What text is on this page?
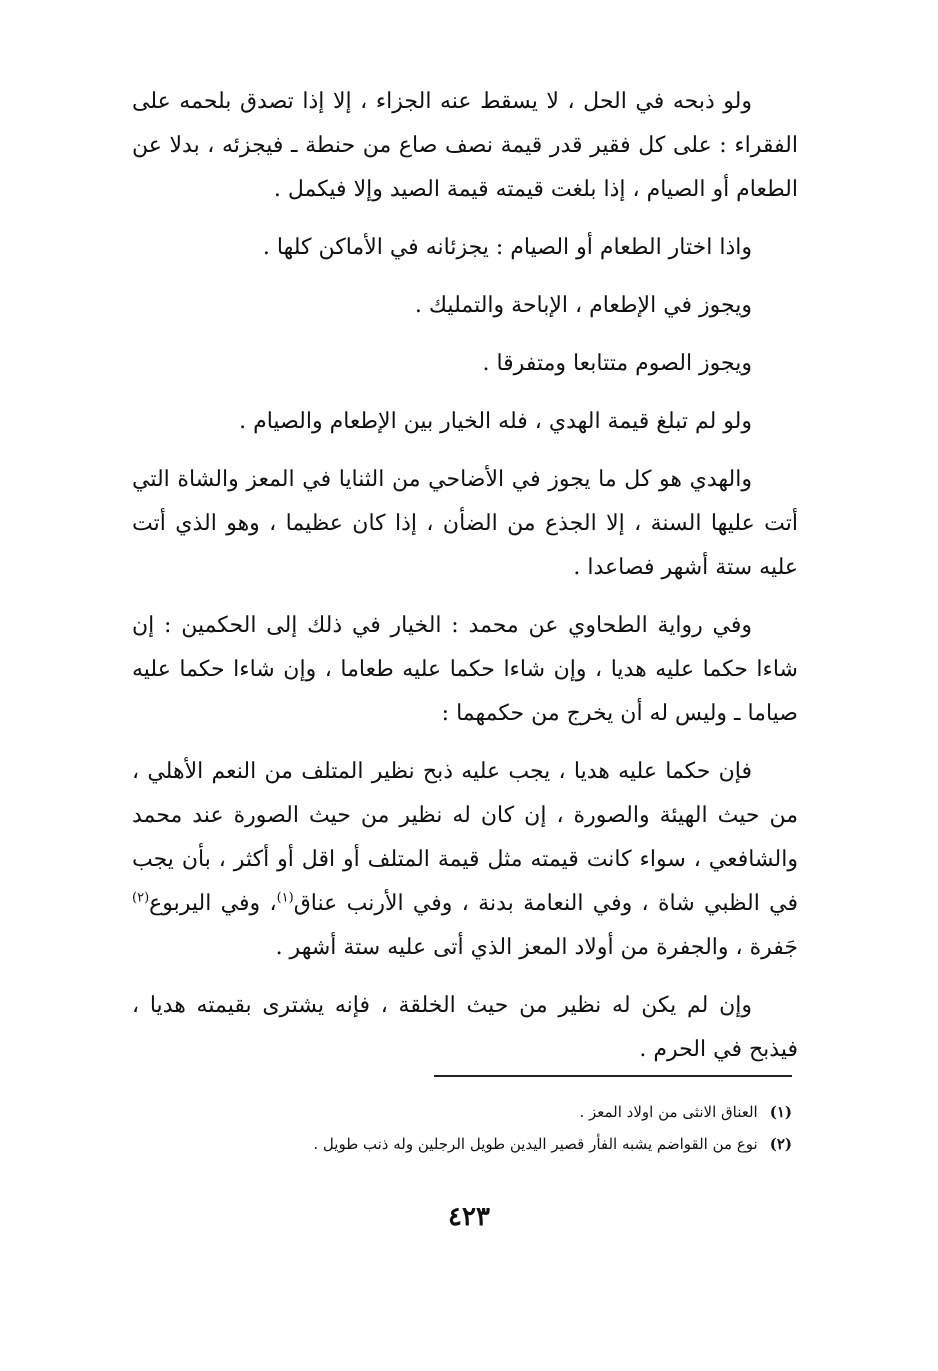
ولو ذبحه في الحل ، لا يسقط عنه الجزاء ، إلا إذا تصدق بلحمه على الفقراء : على كل فقير قدر قيمة نصف صاع من حنطة ـ فيجزئه ، بدلا عن الطعام أو الصيام ، إذا بلغت قيمته قيمة الصيد وإلا فيكمل .

واذا اختار الطعام أو الصيام : يجزئانه في الأماكن كلها .

ويجوز في الإطعام ، الإباحة والتمليك .

ويجوز الصوم متتابعا ومتفرقا .

ولو لم تبلغ قيمة الهدي ، فله الخيار بين الإطعام والصيام .

والهدي هو كل ما يجوز في الأضاحي من الثنايا في المعز والشاة التي أتت عليها السنة ، إلا الجذع من الضأن ، إذا كان عظيما ، وهو الذي أتت عليه ستة أشهر فصاعدا .

وفي رواية الطحاوي عن محمد : الخيار في ذلك إلى الحكمين : إن شاءا حكما عليه هديا ، وإن شاءا حكما عليه طعاما ، وإن شاءا حكما عليه صياما ـ وليس له أن يخرج من حكمهما :

فإن حكما عليه هديا ، يجب عليه ذبح نظير المتلف من النعم الأهلي ، من حيث الهيئة والصورة ، إن كان له نظير من حيث الصورة عند محمد والشافعي ، سواء كانت قيمته مثل قيمة المتلف أو اقل أو أكثر ، بأن يجب في الظبي شاة ، وفي النعامة بدنة ، وفي الأرنب عناق$^{(١)}$، وفي اليربوع$^{(٢)}$ جَفرة ، والجفرة من أولاد المعز الذي أتى عليه ستة أشهر .

وإن لم يكن له نظير من حيث الخلقة ، فإنه يشترى بقيمته هديا ، فيذبح في الحرم .

(١)
العناق الانثى من اولاد المعز .
(٢)
نوع من القواضم يشبه الفأر قصير اليدين طويل الرجلين وله ذنب طويل .
٤٢٣
